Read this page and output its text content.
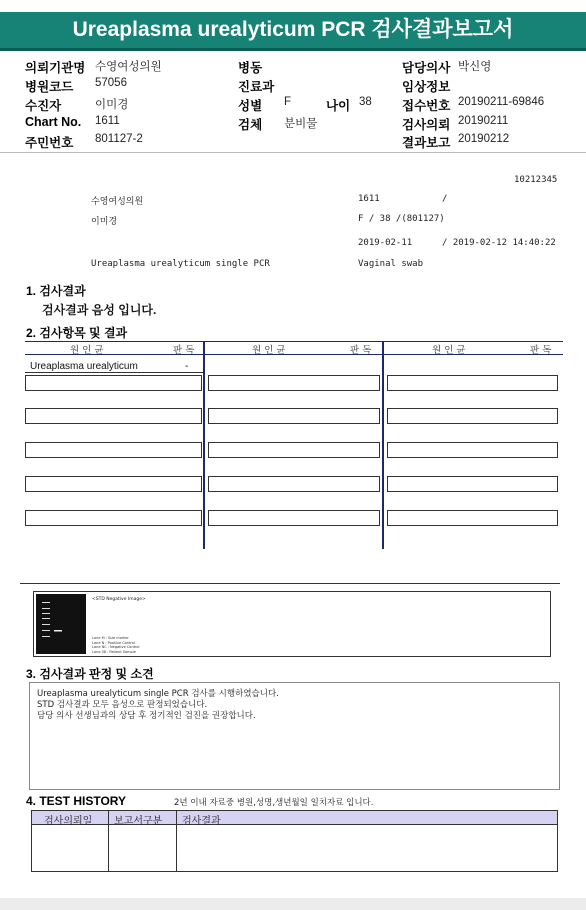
Ureaplasma urealyticum PCR 검사결과보고서
의뢰기관명 수영여성의원
병원코드 57056
수진자	이미경
Chart No. 1611
주민번호 801127-2
병동
진료과
성별 F	나이 38
검체 분비물
담당의사 박신영
임상정보
접수번호 20190211-69846
검사의뢰 20190211
결과보고 20190212
10212345
수영여성의원	1611	/
이미경	F / 38 /(801127)
2019-02-11	/ 2019-02-12 14:40:22
Ureaplasma urealyticum single PCR	Vaginal swab
1. 검사결과
검사결과 음성 입니다.
2. 검사항목 및 결과
원 인 균	판 독	원 인 균	판 독	원 인 균	판 독
Ureaplasma urealyticum	-
<STD Negative Image>
Lane M : Size marker
Lane N : Positive Control
Lane NC : Negative Control
Lane 08 : Patient Sample
3. 검사결과 판정 및 소견
Ureaplasma urealyticum single PCR 검사를 시행하였습니다.
STD 검사결과 모두 음성으로 판정되었습니다.
담당 의사 선생님과의 상담 후 정기적인 검진을 권장합니다.
4. TEST HISTORY	2년 이내 자료중 병원,성명,생년월일 일치자료 입니다.
검사의뢰일 보고서구분 검사결과
